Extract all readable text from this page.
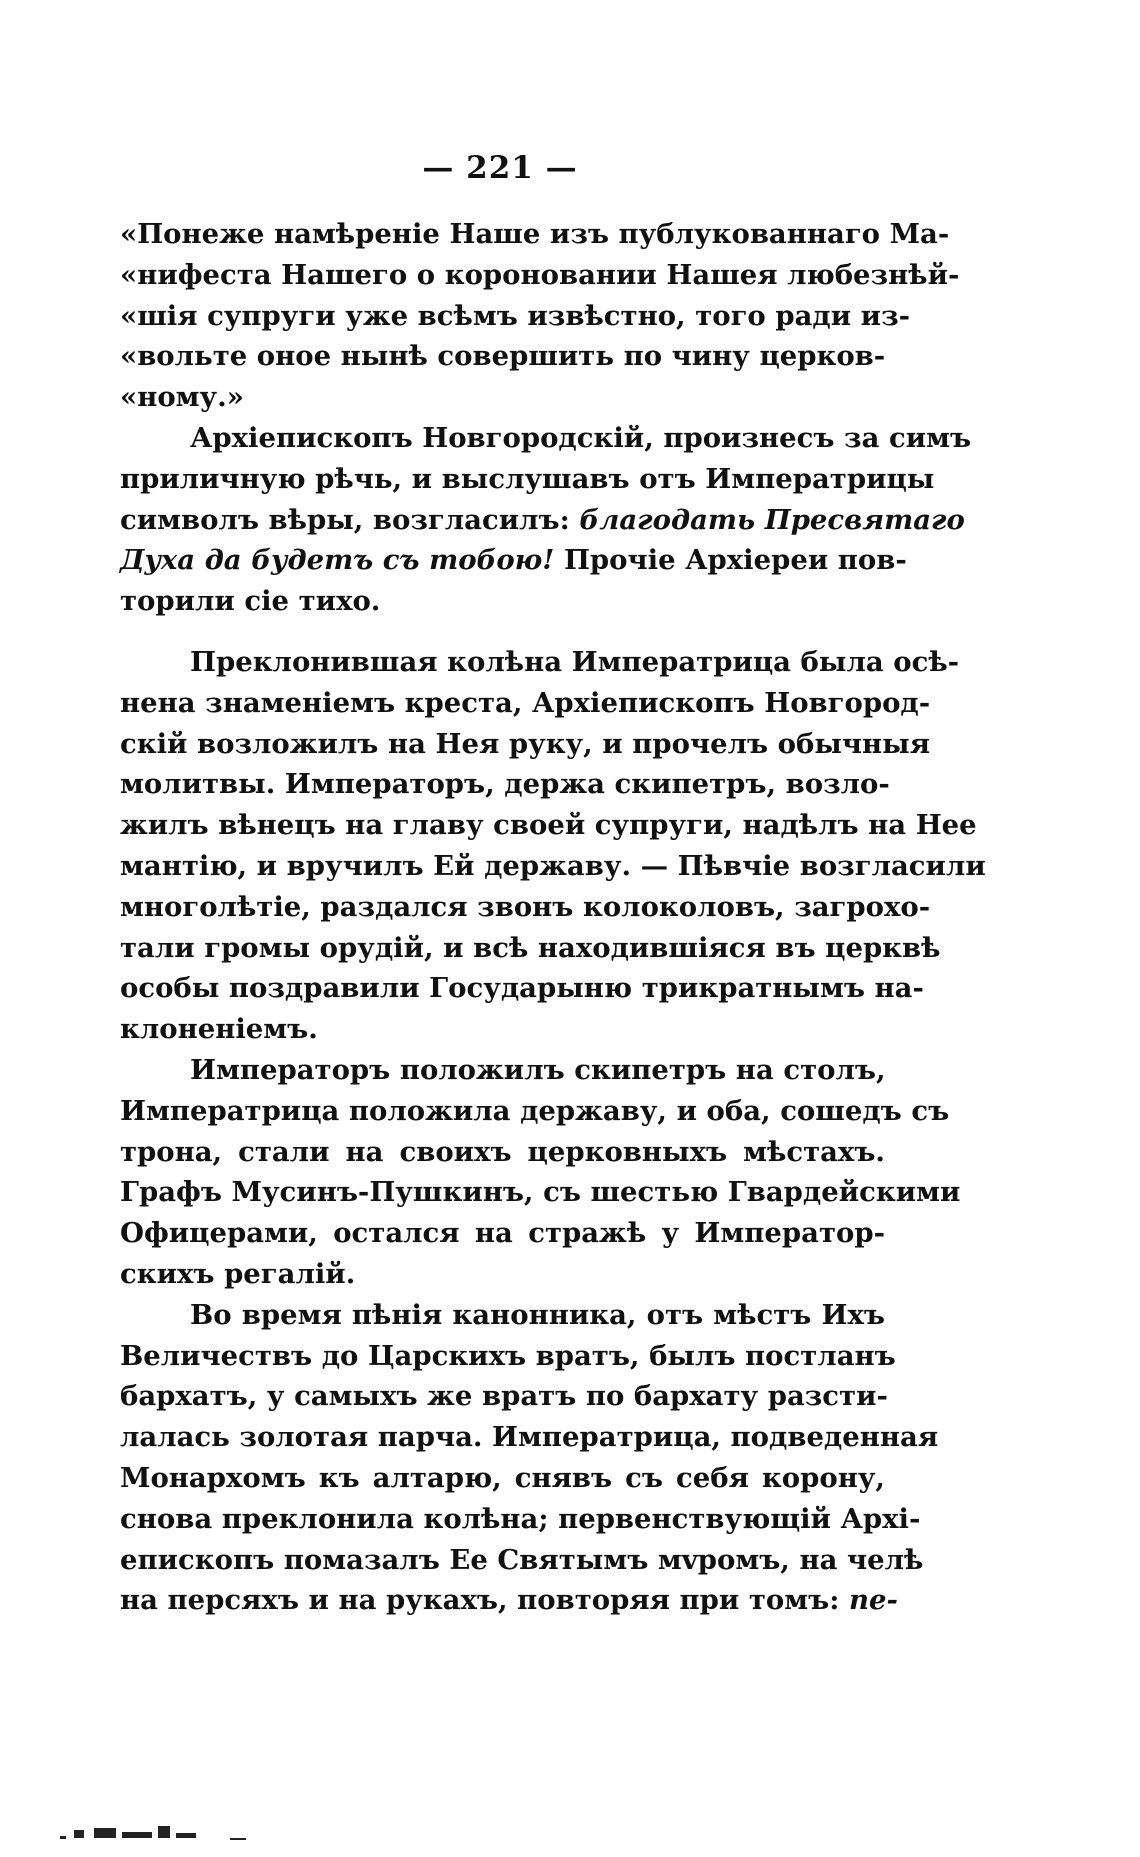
— 221 —
«Понеже намѣреніе Наше изъ публукованнаго Ма-
«нифеста Нашего о короновании Нашея любезнѣй-
«шія супруги уже всѣмъ извѣстно, того ради из-
«вольте оное нынѣ совершить по чину церков-
«ному.»
Архіепископъ Новгородскій, произнесъ за симъ
приличную рѣчь, и выслушавъ отъ Императрицы
символъ вѣры, возгласилъ: благодать Пресвятаго
Духа да будетъ съ тобою! Прочіе Архіереи пов-
торили сіе тихо.
Преклонившая колѣна Императрица была осѣ-
нена знаменіемъ креста, Архіепископъ Новгород-
скій возложилъ на Нея руку, и прочелъ обычныя
молитвы. Императоръ, держа скипетръ, возло-
жилъ вѣнецъ на главу своей супруги, надѣлъ на Нее
мантію, и вручилъ Ей державу. — Пѣвчіе возгласили
многолѣтіе, раздался звонъ колоколовъ, загрохо-
тали громы орудій, и всѣ находившіяся въ церквѣ
особы поздравили Государыню трикратнымъ на-
клоненіемъ.
Императоръ положилъ скипетръ на столъ,
Императрица положила державу, и оба, сошедъ съ
трона, стали на своихъ церковныхъ мѣстахъ.
Графъ Мусинъ-Пушкинъ, съ шестью Гвардейскими
Офицерами, остался на стражѣ у Император-
скихъ регалій.
Во время пѣнія канонника, отъ мѣстъ Ихъ
Величествъ до Царскихъ вратъ, былъ постланъ
бархатъ, у самыхъ же вратъ по бархату разсти-
лалась золотая парча. Императрица, подведенная
Монархомъ къ алтарю, снявъ съ себя корону,
снова преклонила колѣна; первенствующій Архі-
епископъ помазалъ Ее Святымъ мvромъ, на челѣ
на персяхъ и на рукахъ, повторяя при томъ: пе-
